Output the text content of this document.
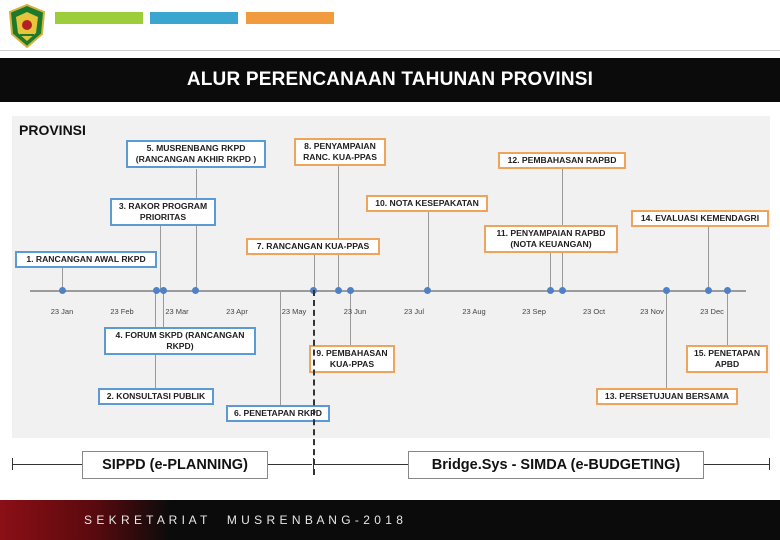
ALUR PERENCANAAN TAHUNAN PROVINSI
PROVINSI
23 Jan	23 Feb	23 Mar	23 Apr	23 May	23 Jun	23 Jul	23 Aug	23 Sep	23 Oct	23 Nov	23 Dec
1. RANCANGAN AWAL RKPD
3. RAKOR PROGRAM
PRIORITAS
5. MUSRENBANG RKPD
(RANCANGAN AKHIR RKPD )
7. RANCANGAN KUA-PPAS
8. PENYAMPAIAN
RANC. KUA-PPAS
10. NOTA KESEPAKATAN
11. PENYAMPAIAN RAPBD
(NOTA KEUANGAN)
12. PEMBAHASAN RAPBD
14. EVALUASI KEMENDAGRI
2. KONSULTASI PUBLIK
4. FORUM SKPD (RANCANGAN
RKPD)
6. PENETAPAN RKPD
9. PEMBAHASAN
KUA-PPAS
13. PERSETUJUAN BERSAMA
15. PENETAPAN
APBD
SIPPD (e-PLANNING)	Bridge.Sys - SIMDA (e-BUDGETING)
S E K R E T A R I A T     M U S R E N B A N G - 2 0 1 8
